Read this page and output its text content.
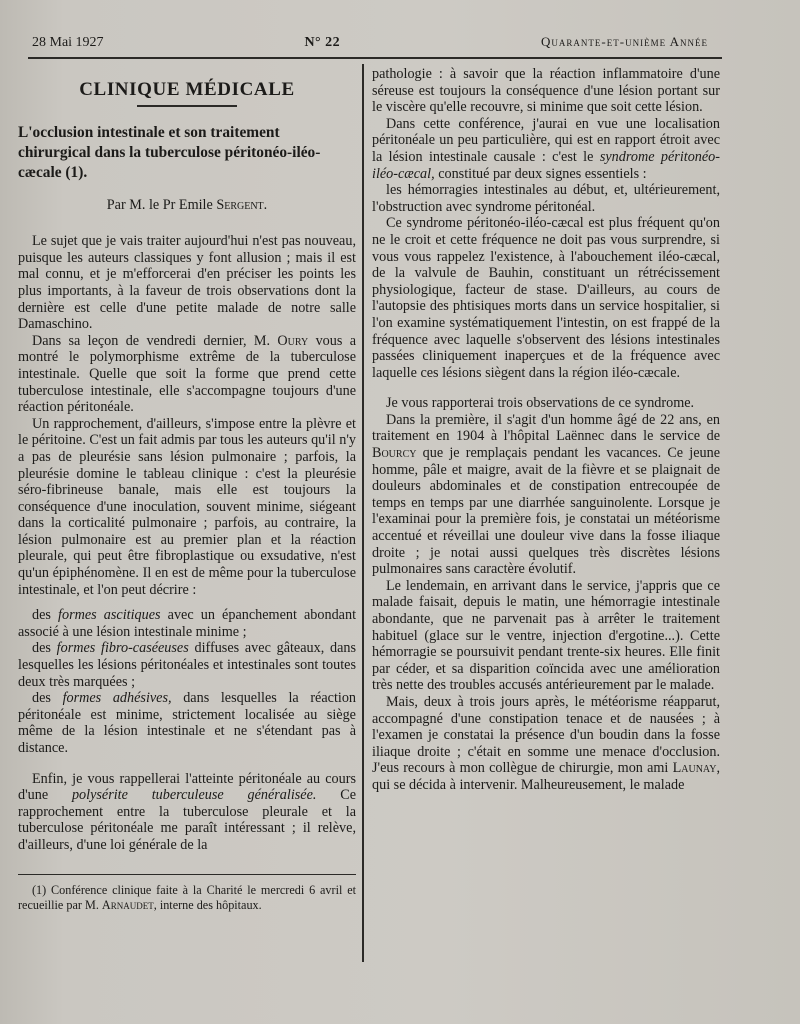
28 Mai 1927	N° 22	Quarante-et-unième Année
CLINIQUE MÉDICALE
L'occlusion intestinale et son traitement chirurgical dans la tuberculose péritonéo-iléo-cæcale (1).
Par M. le Pr Emile Sergent.

Le sujet que je vais traiter aujourd'hui n'est pas nouveau, puisque les auteurs classiques y font allusion ; mais il est mal connu, et je m'efforcerai d'en préciser les points les plus importants, à la faveur de trois observations dont la dernière est celle d'une petite malade de notre salle Damaschino.

Dans sa leçon de vendredi dernier, M. Oury vous a montré le polymorphisme extrême de la tuberculose intestinale. Quelle que soit la forme que prend cette tuberculose intestinale, elle s'accompagne toujours d'une réaction péritonéale.

Un rapprochement, d'ailleurs, s'impose entre la plèvre et le péritoine. C'est un fait admis par tous les auteurs qu'il n'y a pas de pleurésie sans lésion pulmonaire ; parfois, la pleurésie domine le tableau clinique : c'est la pleurésie séro-fibrineuse banale, mais elle est toujours la conséquence d'une inoculation, souvent minime, siégeant dans la corticalité pulmonaire ; parfois, au contraire, la lésion pulmonaire est au premier plan et la réaction pleurale, qui peut être fibroplastique ou exsudative, n'est qu'un épiphénomène. Il en est de même pour la tuberculose intestinale, et l'on peut décrire :

des formes ascitiques avec un épanchement abondant associé à une lésion intestinale minime ;

des formes fibro-caséeuses diffuses avec gâteaux, dans lesquelles les lésions péritonéales et intestinales sont toutes deux très marquées ;

des formes adhésives, dans lesquelles la réaction péritonéale est minime, strictement localisée au siège même de la lésion intestinale et ne s'étendant pas à distance.

Enfin, je vous rappellerai l'atteinte péritonéale au cours d'une polysérite tuberculeuse généralisée. Ce rapprochement entre la tuberculose pleurale et la tuberculose péritonéale me paraît intéressant ; il relève, d'ailleurs, d'une loi générale de la

(1) Conférence clinique faite à la Charité le mercredi 6 avril et recueillie par M. Arnaudet, interne des hôpitaux.

pathologie : à savoir que la réaction inflammatoire d'une séreuse est toujours la conséquence d'une lésion portant sur le viscère qu'elle recouvre, si minime que soit cette lésion.

Dans cette conférence, j'aurai en vue une localisation péritonéale un peu particulière, qui est en rapport étroit avec la lésion intestinale causale : c'est le syndrome péritonéo-iléo-cæcal, constitué par deux signes essentiels :

les hémorragies intestinales au début, et, ultérieurement, l'obstruction avec syndrome péritonéal.

Ce syndrome péritonéo-iléo-cæcal est plus fréquent qu'on ne le croit et cette fréquence ne doit pas vous surprendre, si vous vous rappelez l'existence, à l'abouchement iléo-cæcal, de la valvule de Bauhin, constituant un rétrécissement physiologique, facteur de stase. D'ailleurs, au cours de l'autopsie des phtisiques morts dans un service hospitalier, si l'on examine systématiquement l'intestin, on est frappé de la fréquence avec laquelle s'observent des lésions intestinales passées cliniquement inaperçues et de la fréquence avec laquelle ces lésions siègent dans la région iléo-cæcale.

Je vous rapporterai trois observations de ce syndrome.

Dans la première, il s'agit d'un homme âgé de 22 ans, en traitement en 1904 à l'hôpital Laënnec dans le service de Bourcy que je remplaçais pendant les vacances. Ce jeune homme, pâle et maigre, avait de la fièvre et se plaignait de douleurs abdominales et de constipation entrecoupée de temps en temps par une diarrhée sanguinolente. Lorsque je l'examinai pour la première fois, je constatai un météorisme accentué et réveillai une douleur vive dans la fosse iliaque droite ; je notai aussi quelques très discrètes lésions pulmonaires sans caractère évolutif.

Le lendemain, en arrivant dans le service, j'appris que ce malade faisait, depuis le matin, une hémorragie intestinale abondante, que ne parvenait pas à arrêter le traitement habituel (glace sur le ventre, injection d'ergotine...). Cette hémorragie se poursuivit pendant trente-six heures. Elle finit par céder, et sa disparition coïncida avec une amélioration très nette des troubles accusés antérieurement par le malade.

Mais, deux à trois jours après, le météorisme réapparut, accompagné d'une constipation tenace et de nausées ; à l'examen je constatai la présence d'un boudin dans la fosse iliaque droite ; c'était en somme une menace d'occlusion. J'eus recours à mon collègue de chirurgie, mon ami Launay, qui se décida à intervenir. Malheureusement, le malade
